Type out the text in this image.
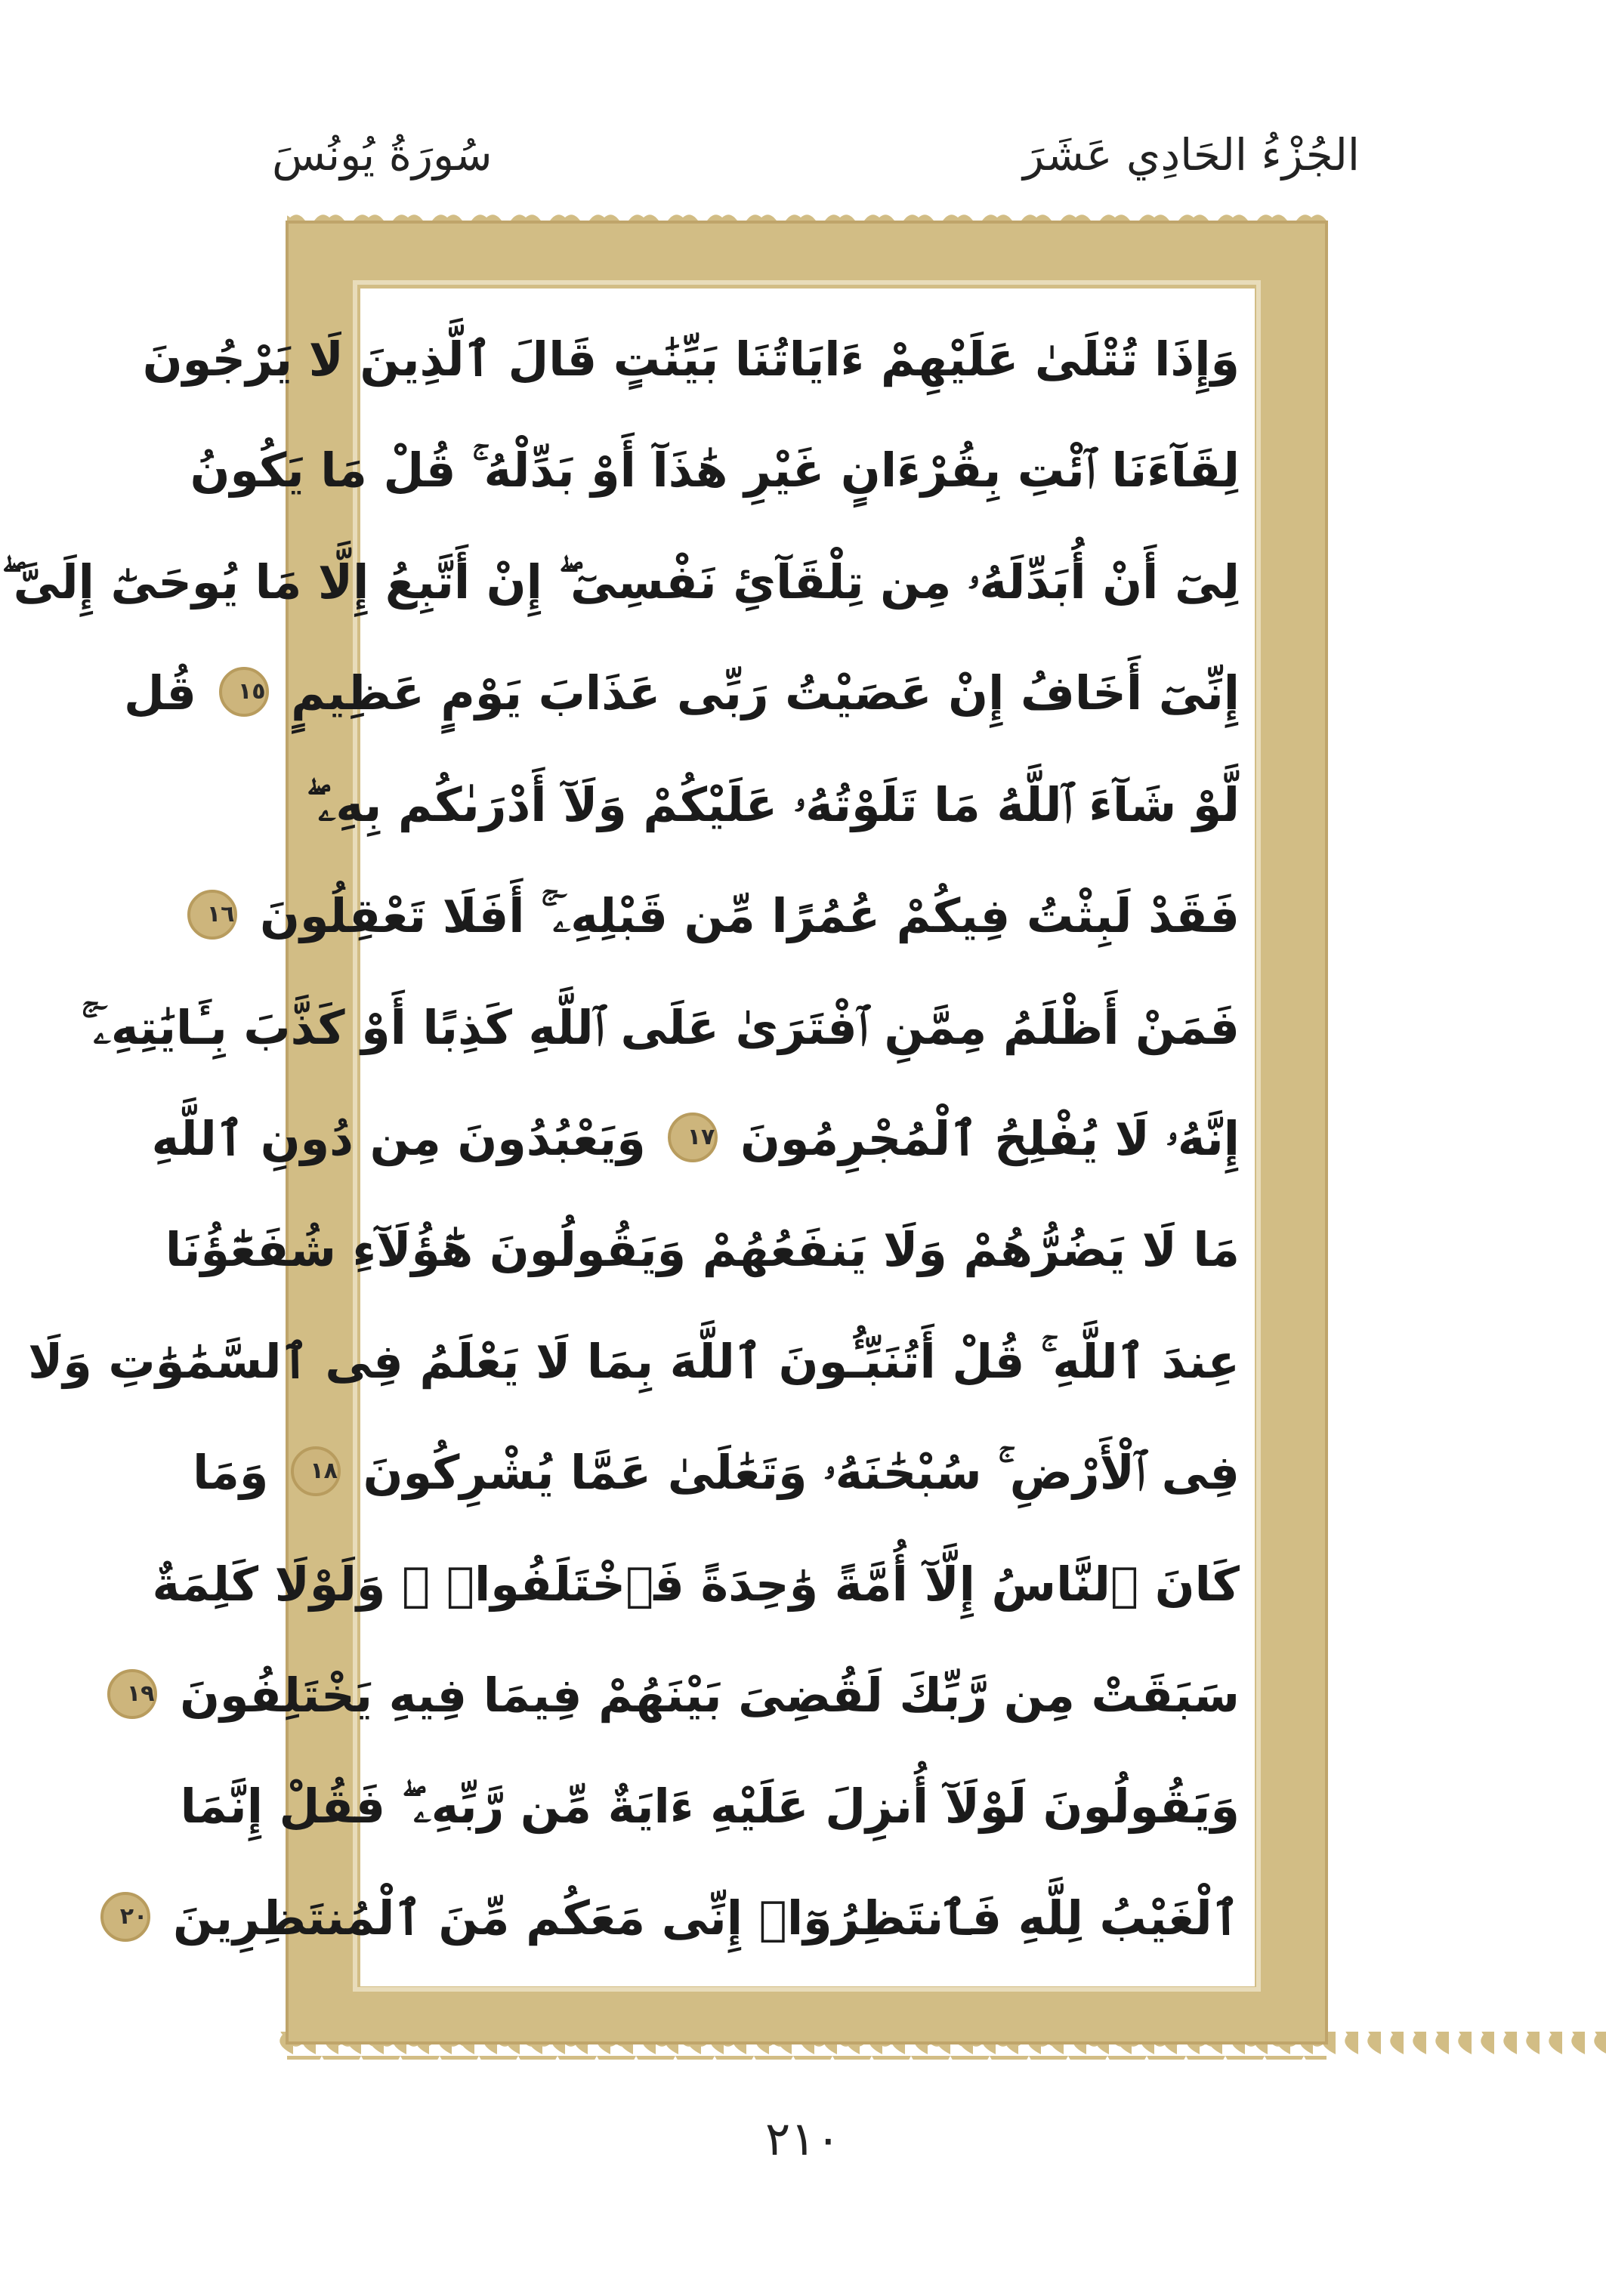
الجُزْءُ الحَادِي عَشَرَ
سُورَةُ يُونُسَ
وَإِذَا تُتْلَىٰ عَلَيْهِمْ ءَايَاتُنَا بَيِّنَٰتٍ قَالَ ٱلَّذِينَ لَا يَرْجُونَ
لِقَآءَنَا ٱئْتِ بِقُرْءَانٍ غَيْرِ هَٰذَآ أَوْ بَدِّلْهُ ۚ قُلْ مَا يَكُونُ
لِىٓ أَنْ أُبَدِّلَهُۥ مِن تِلْقَآئِ نَفْسِىٓ ۖ إِنْ أَتَّبِعُ إِلَّا مَا يُوحَىٰٓ إِلَىَّ ۖ
إِنِّىٓ أَخَافُ إِنْ عَصَيْتُ رَبِّى عَذَابَ يَوْمٍ عَظِيمٍ ١٥ قُل
لَّوْ شَآءَ ٱللَّهُ مَا تَلَوْتُهُۥ عَلَيْكُمْ وَلَآ أَدْرَىٰكُم بِهِۦ ۖ
فَقَدْ لَبِثْتُ فِيكُمْ عُمُرًا مِّن قَبْلِهِۦٓ ۚ أَفَلَا تَعْقِلُونَ ١٦
فَمَنْ أَظْلَمُ مِمَّنِ ٱفْتَرَىٰ عَلَى ٱللَّهِ كَذِبًا أَوْ كَذَّبَ بِـَٔايَٰتِهِۦٓ ۚ
إِنَّهُۥ لَا يُفْلِحُ ٱلْمُجْرِمُونَ ١٧ وَيَعْبُدُونَ مِن دُونِ ٱللَّهِ
مَا لَا يَضُرُّهُمْ وَلَا يَنفَعُهُمْ وَيَقُولُونَ هَٰٓؤُلَآءِ شُفَعَٰٓؤُنَا
عِندَ ٱللَّهِ ۚ قُلْ أَتُنَبِّـُٔونَ ٱللَّهَ بِمَا لَا يَعْلَمُ فِى ٱلسَّمَٰوَٰتِ وَلَا
فِى ٱلْأَرْضِ ۚ سُبْحَٰنَهُۥ وَتَعَٰلَىٰ عَمَّا يُشْرِكُونَ ١٨ وَمَا
كَانَ ٱلنَّاسُ إِلَّآ أُمَّةً وَٰحِدَةً فَٱخْتَلَفُوا۟ ۚ وَلَوْلَا كَلِمَةٌ
سَبَقَتْ مِن رَّبِّكَ لَقُضِىَ بَيْنَهُمْ فِيمَا فِيهِ يَخْتَلِفُونَ ١٩
وَيَقُولُونَ لَوْلَآ أُنزِلَ عَلَيْهِ ءَايَةٌ مِّن رَّبِّهِۦ ۖ فَقُلْ إِنَّمَا
ٱلْغَيْبُ لِلَّهِ فَٱنتَظِرُوٓا۟ إِنِّى مَعَكُم مِّنَ ٱلْمُنتَظِرِينَ ٢٠
٢١٠
